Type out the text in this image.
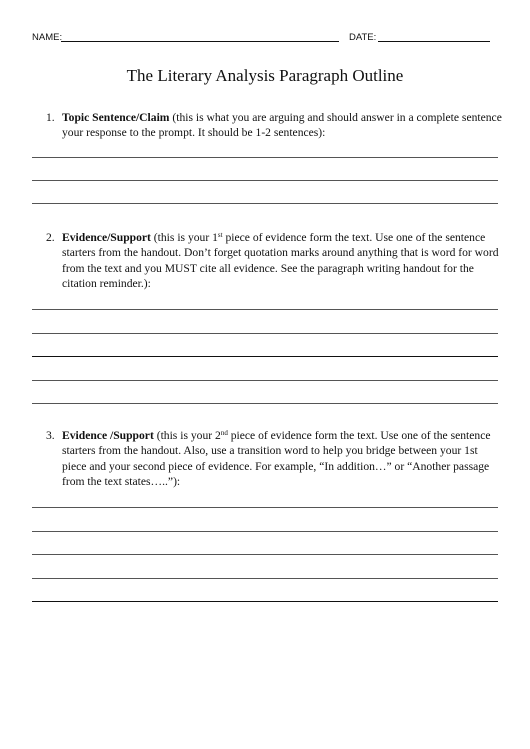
NAME:	DATE:
The Literary Analysis Paragraph Outline
1. Topic Sentence/Claim (this is what you are arguing and should answer in a complete sentence your response to the prompt. It should be 1-2 sentences):
2. Evidence/Support (this is your 1st piece of evidence form the text. Use one of the sentence starters from the handout. Don’t forget quotation marks around anything that is word for word from the text and you MUST cite all evidence. See the paragraph writing handout for the citation reminder.):
3. Evidence /Support (this is your 2nd piece of evidence form the text. Use one of the sentence starters from the handout. Also, use a transition word to help you bridge between your 1st piece and your second piece of evidence. For example, “In addition…” or “Another passage from the text states…..”):
